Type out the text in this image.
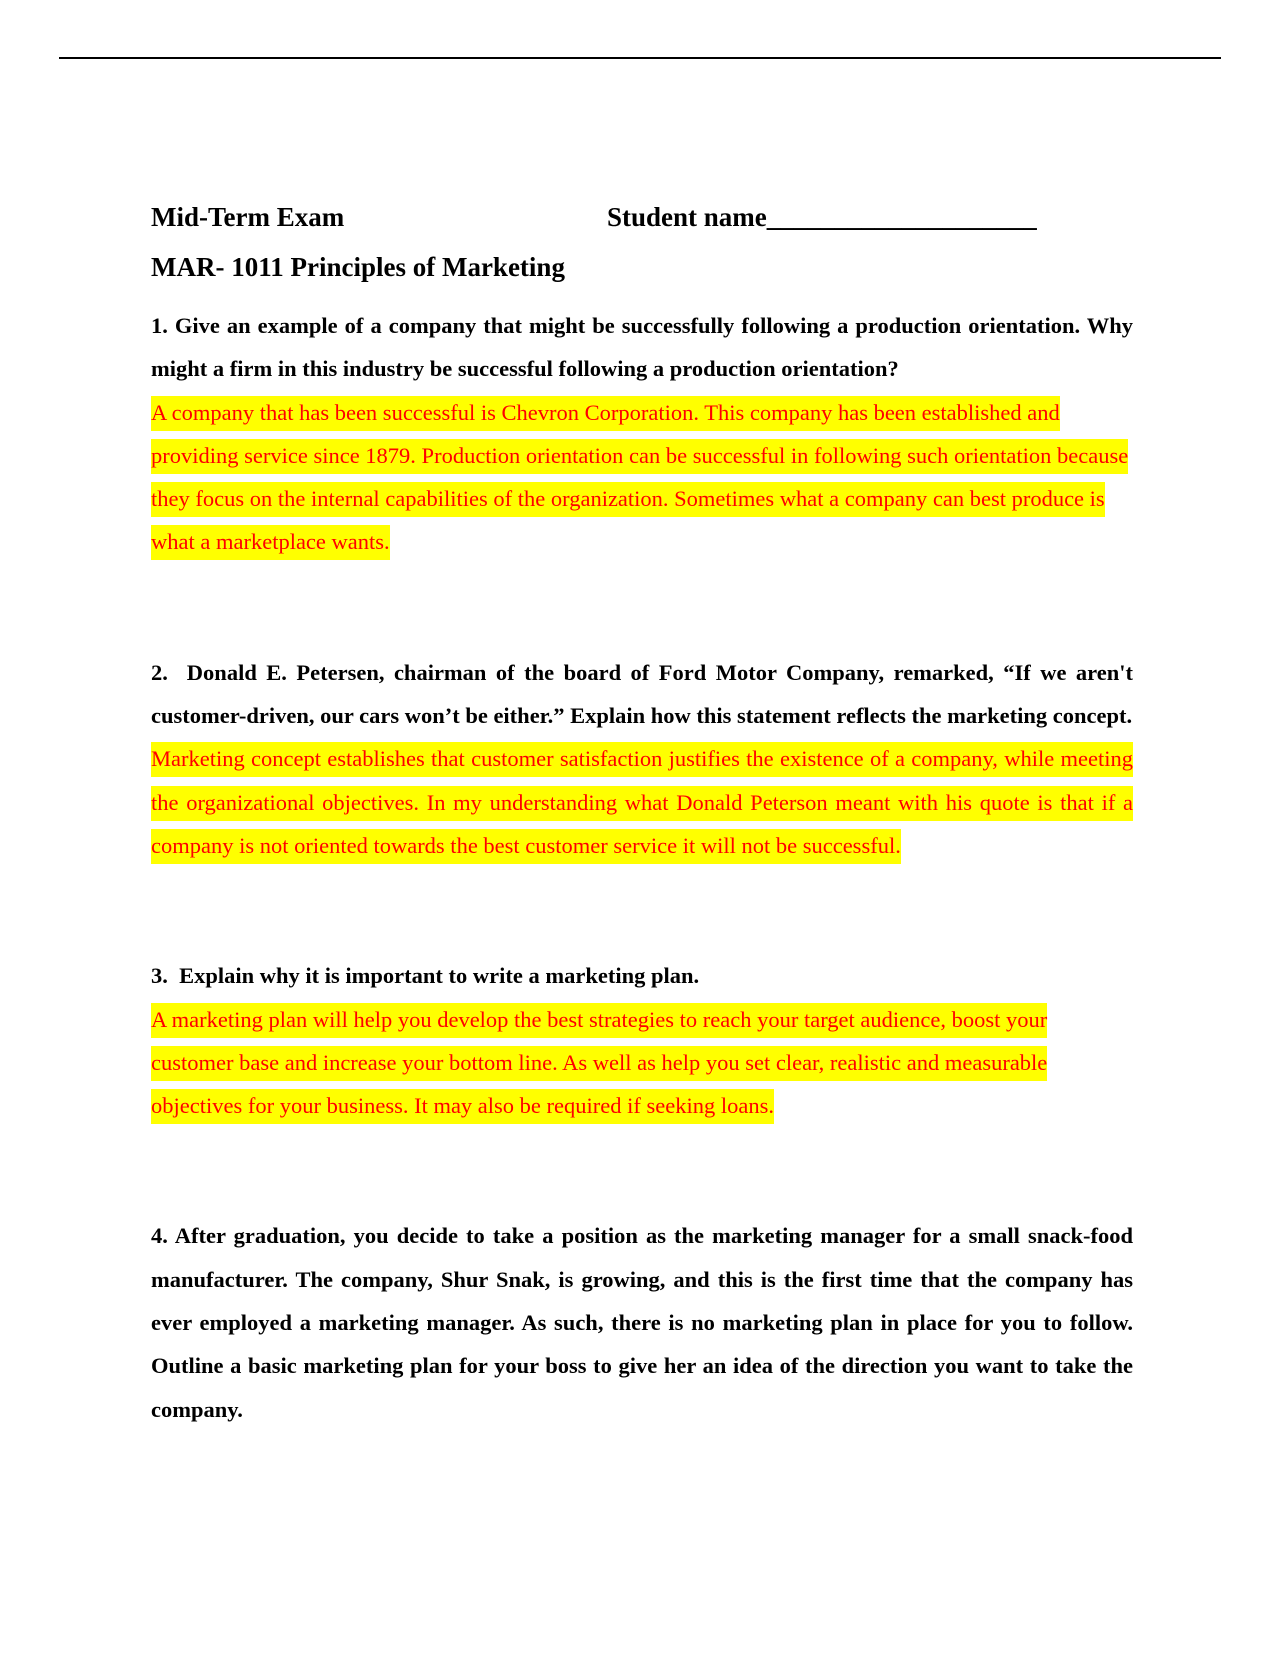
Mid-Term Exam	Student name____________________
MAR- 1011 Principles of Marketing

1. Give an example of a company that might be successfully following a production orientation. Why might a firm in this industry be successful following a production orientation?

A company that has been successful is Chevron Corporation. This company has been established and providing service since 1879. Production orientation can be successful in following such orientation because they focus on the internal capabilities of the organization. Sometimes what a company can best produce is what a marketplace wants.

2.  Donald E. Petersen, chairman of the board of Ford Motor Company, remarked, “If we aren't customer-driven, our cars won’t be either.” Explain how this statement reflects the marketing concept.

Marketing concept establishes that customer satisfaction justifies the existence of a company, while meeting the organizational objectives. In my understanding what Donald Peterson meant with his quote is that if a company is not oriented towards the best customer service it will not be successful.

3.  Explain why it is important to write a marketing plan.

A marketing plan will help you develop the best strategies to reach your target audience, boost your customer base and increase your bottom line. As well as help you set clear, realistic and measurable objectives for your business. It may also be required if seeking loans.

4. After graduation, you decide to take a position as the marketing manager for a small snack-food manufacturer. The company, Shur Snak, is growing, and this is the first time that the company has ever employed a marketing manager. As such, there is no marketing plan in place for you to follow. Outline a basic marketing plan for your boss to give her an idea of the direction you want to take the company.
